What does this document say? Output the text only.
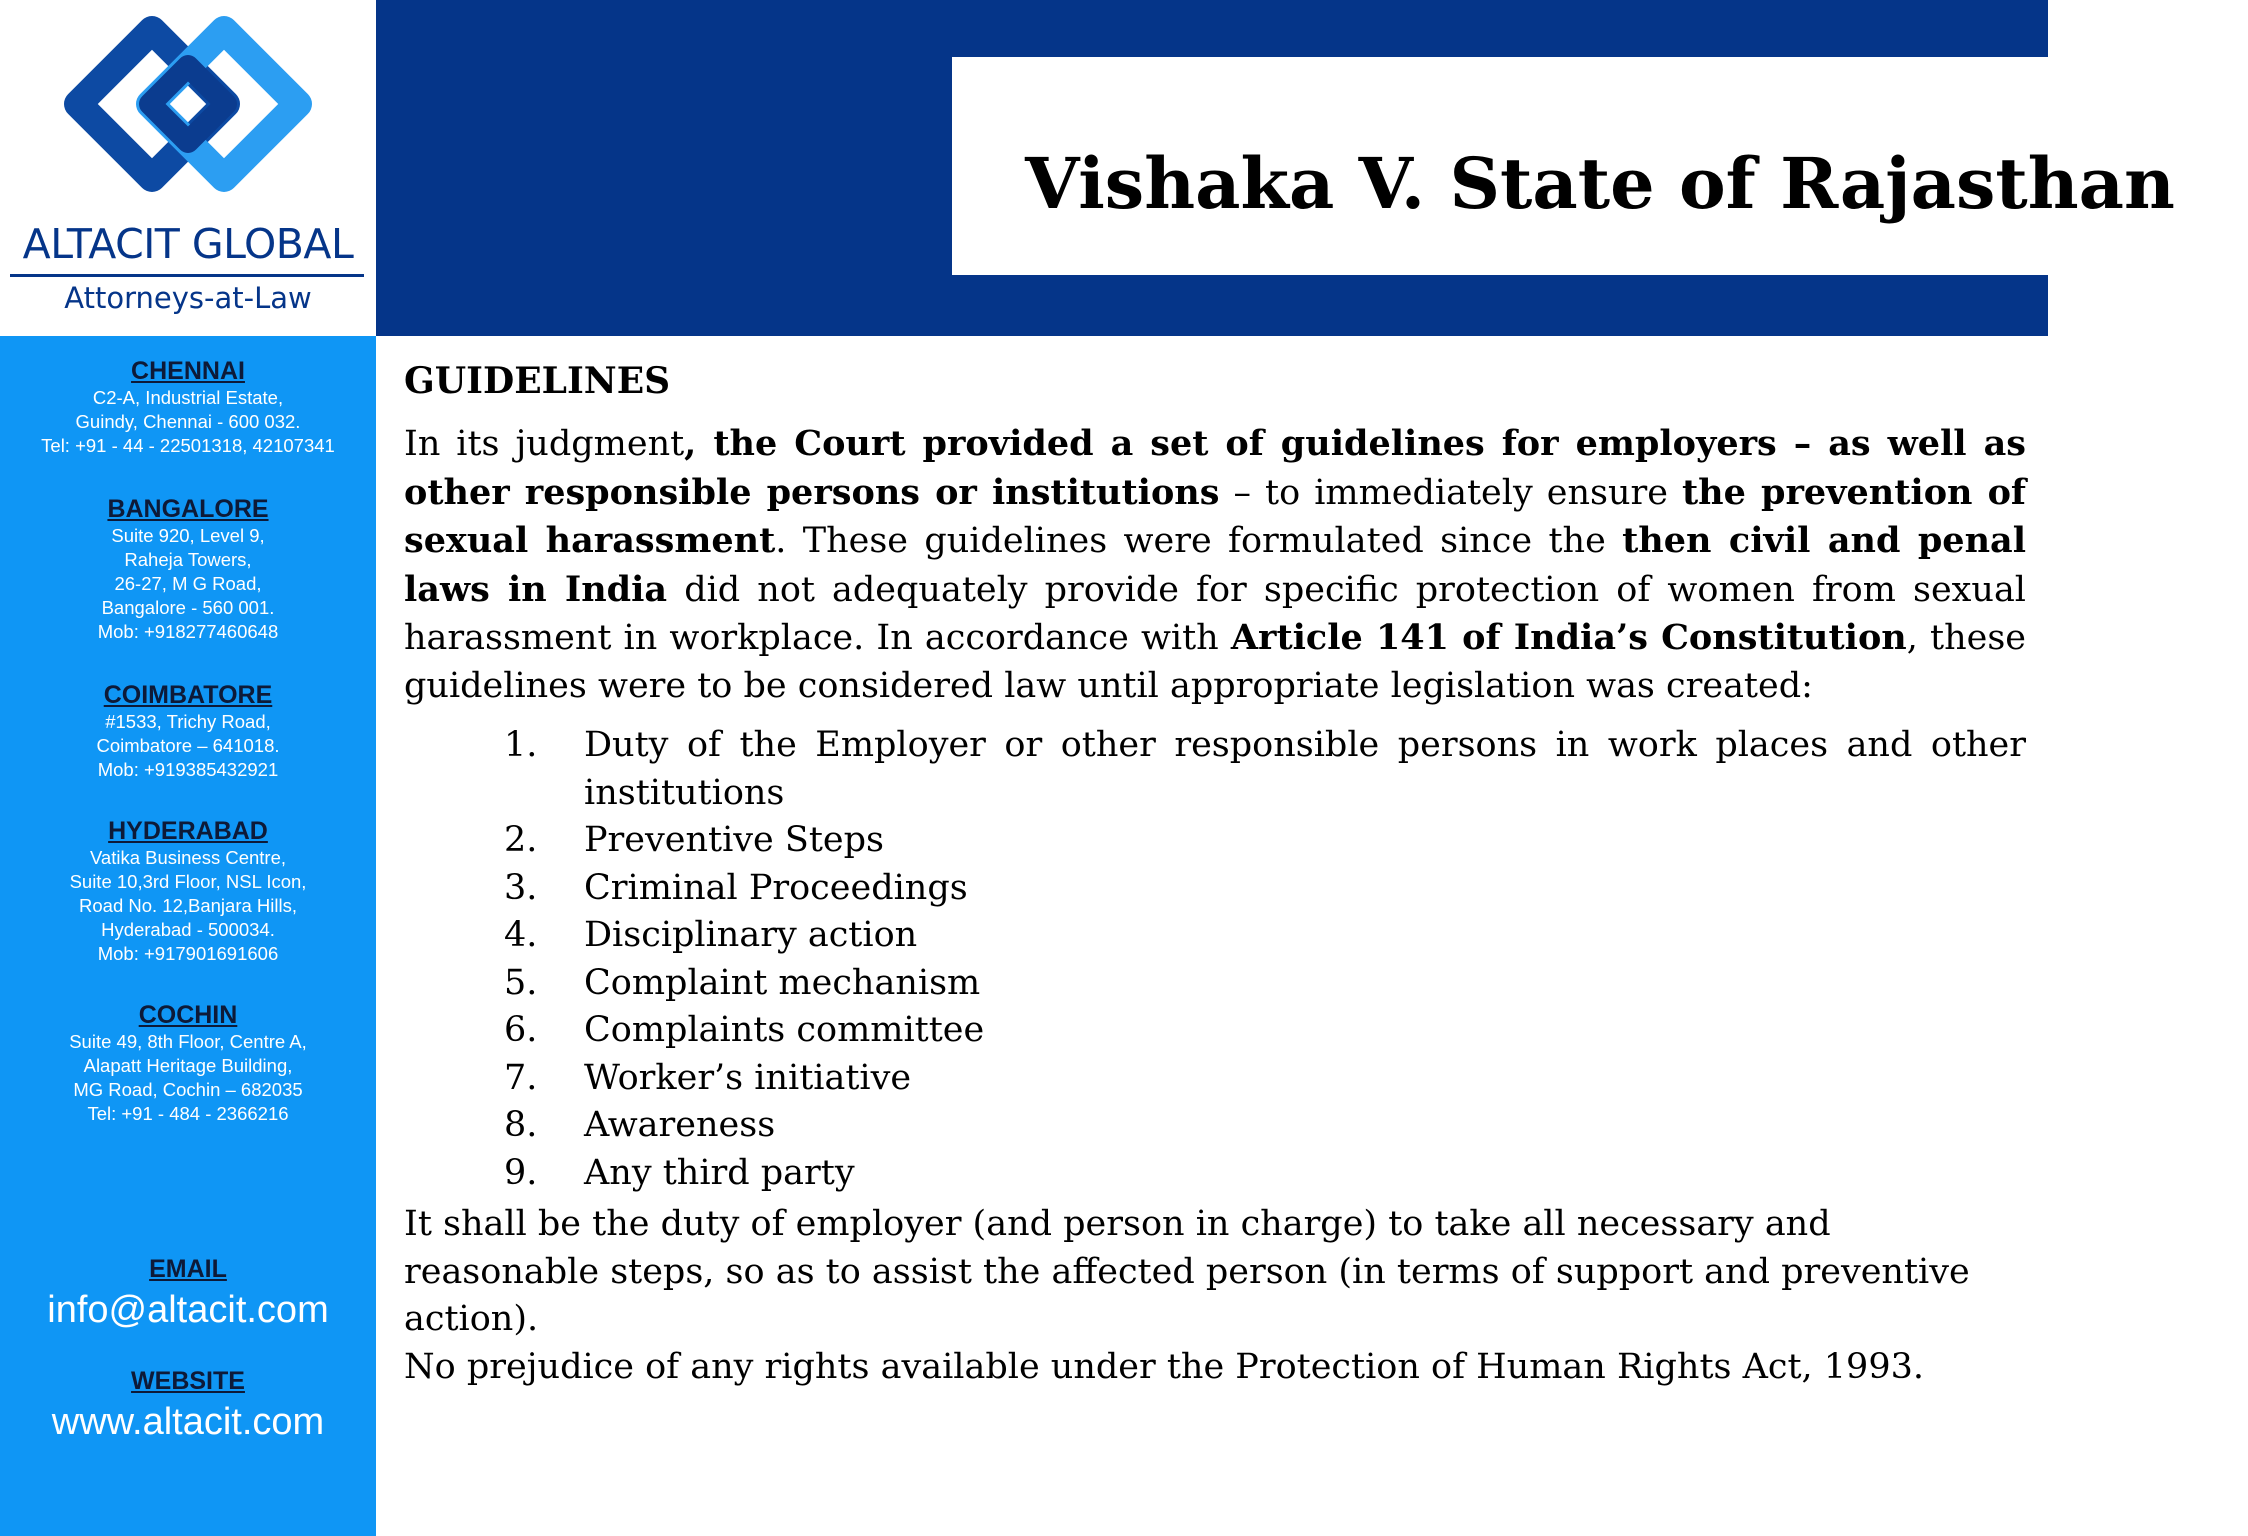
Vishaka V. State of Rajasthan
ALTACIT GLOBAL
Attorneys-at-Law
CHENNAI
C2-A, Industrial Estate,
Guindy, Chennai - 600 032.
Tel: +91 - 44 - 22501318, 42107341
BANGALORE
Suite 920, Level 9,
Raheja Towers,
26-27, M G Road,
Bangalore - 560 001.
Mob: +918277460648
COIMBATORE
#1533, Trichy Road,
Coimbatore – 641018.
Mob: +919385432921
HYDERABAD
Vatika Business Centre,
Suite 10,3rd Floor, NSL Icon,
Road No. 12,Banjara Hills,
Hyderabad - 500034.
Mob: +917901691606
COCHIN
Suite 49, 8th Floor, Centre A,
Alapatt Heritage Building,
MG Road, Cochin – 682035
Tel: +91 - 484 - 2366216
EMAIL
info@altacit.com
WEBSITE
www.altacit.com
GUIDELINES

In its judgment, the Court provided a set of guidelines for employers – as well as other responsible persons or institutions – to immediately ensure the prevention of sexual harassment. These guidelines were formulated since the then civil and penal laws in India did not adequately provide for specific protection of women from sexual harassment in workplace. In accordance with Article 141 of India’s Constitution, these guidelines were to be considered law until appropriate legislation was created:

1. Duty of the Employer or other responsible persons in work places and other institutions
2. Preventive Steps
3. Criminal Proceedings
4. Disciplinary action
5. Complaint mechanism
6. Complaints committee
7. Worker’s initiative
8. Awareness
9. Any third party

It shall be the duty of employer (and person in charge) to take all necessary and reasonable steps, so as to assist the affected person (in terms of support and preventive action).

No prejudice of any rights available under the Protection of Human Rights Act, 1993.
